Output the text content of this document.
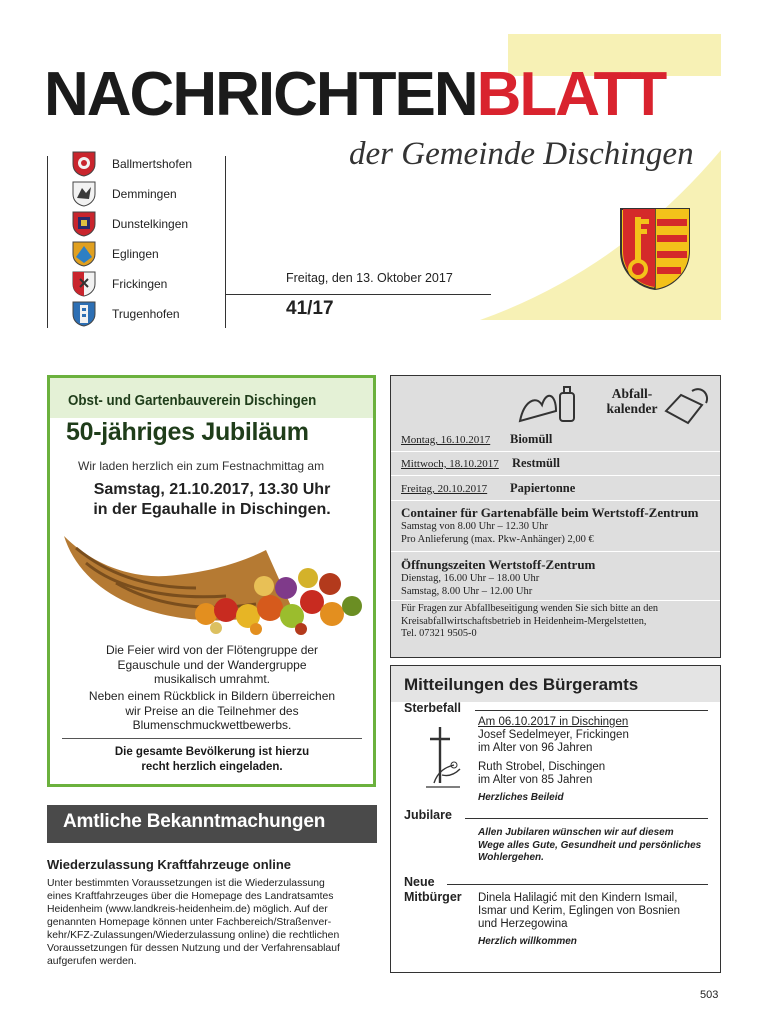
NACHRICHTENBLATT
der Gemeinde Dischingen
Ballmertshofen
Demmingen
Dunstelkingen
Eglingen
Frickingen
Trugenhofen
Freitag, den 13. Oktober 2017
41/17
Obst- und Gartenbauverein Dischingen
50-jähriges Jubiläum
Wir laden herzlich ein zum Festnachmittag am
Samstag, 21.10.2017, 13.30 Uhr
in der Egauhalle in Dischingen.
Die Feier wird von der Flötengruppe der
Egauschule und der Wandergruppe
musikalisch umrahmt.
Neben einem Rückblick in Bildern überreichen
wir Preise an die Teilnehmer des
Blumenschmuckwettbewerbs.
Die gesamte Bevölkerung ist hierzu
recht herzlich eingeladen.
Abfall-
kalender
Montag, 16.10.2017 Biomüll
Mittwoch, 18.10.2017 Restmüll
Freitag, 20.10.2017 Papiertonne
Container für Gartenabfälle beim Wertstoff-Zentrum
Samstag von 8.00 Uhr – 12.30 Uhr
Pro Anlieferung (max. Pkw-Anhänger) 2,00 €
Öffnungszeiten Wertstoff-Zentrum
Dienstag, 16.00 Uhr – 18.00 Uhr
Samstag, 8.00 Uhr – 12.00 Uhr
Für Fragen zur Abfallbeseitigung wenden Sie sich bitte an den
Kreisabfallwirtschaftsbetrieb in Heidenheim-Mergelstetten,
Tel. 07321 9505-0
Mitteilungen des Bürgeramts
Sterbefall
Am 06.10.2017 in Dischingen
Josef Sedelmeyer, Frickingen
im Alter von 96 Jahren
Ruth Strobel, Dischingen
im Alter von 85 Jahren
Herzliches Beileid
Jubilare
Allen Jubilaren wünschen wir auf diesem
Wege alles Gute, Gesundheit und persönliches
Wohlergehen.
Neue
Mitbürger Dinela Halilagić mit den Kindern Ismail,
Ismar und Kerim, Eglingen von Bosnien
und Herzegowina
Herzlich willkommen
Amtliche Bekanntmachungen
Wiederzulassung Kraftfahrzeuge online
Unter bestimmten Voraussetzungen ist die Wiederzulassung
eines Kraftfahrzeuges über die Homepage des Landratsamtes
Heidenheim (www.landkreis-heidenheim.de) möglich. Auf der
genannten Homepage können unter Fachbereich/Straßenver-
kehr/KFZ-Zulassungen/Wiederzulassung online) die rechtlichen
Voraussetzungen für dessen Nutzung und der Verfahrensablauf
aufgerufen werden.
503
